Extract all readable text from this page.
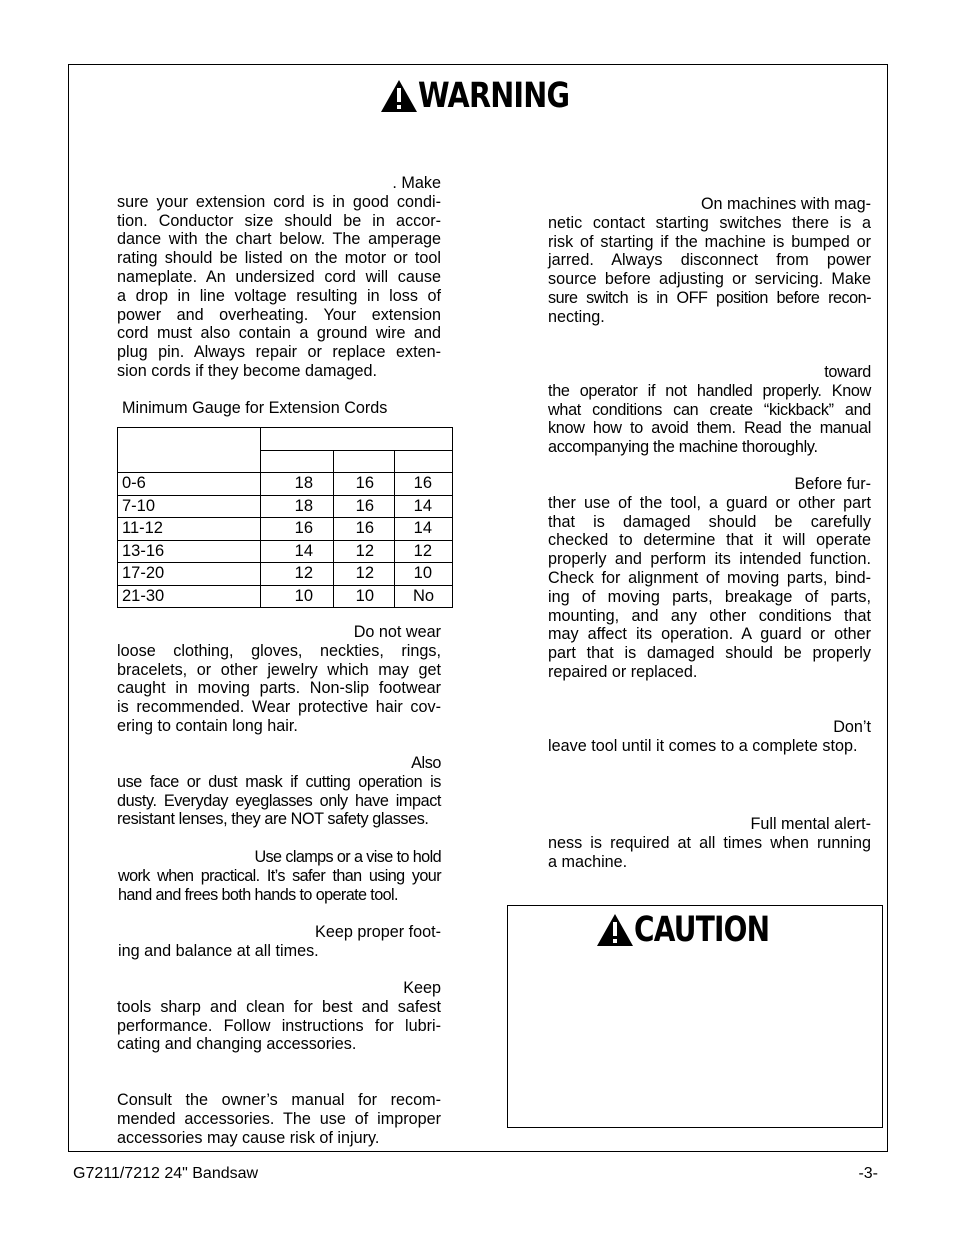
WARNING
. Make
sure your extension cord is in good condi-
tion. Conductor size should be in accor-
dance with the chart below. The amperage
rating should be listed on the motor or tool
nameplate. An undersized cord will cause
a drop in line voltage resulting in loss of
power and overheating. Your extension
cord must also contain a ground wire and
plug pin. Always repair or replace exten-
sion cords if they become damaged.
Minimum Gauge for Extension Cords

0-6	18	16	16
7-10	18	16	14
11-12	16	16	14
13-16	14	12	12
17-20	12	12	10
21-30	10	10	No
Do not wear
loose clothing, gloves, neckties, rings,
bracelets, or other jewelry which may get
caught in moving parts. Non-slip footwear
is recommended. Wear protective hair cov-
ering to contain long hair.
Also
use face or dust mask if cutting operation is
dusty. Everyday eyeglasses only have impact
resistant lenses, they are NOT safety glasses.
Use clamps or a vise to hold
work when practical. It’s safer than using your
hand and frees both hands to operate tool.
Keep proper foot-
ing and balance at all times.
Keep
tools sharp and clean for best and safest
performance. Follow instructions for lubri-
cating and changing accessories.
Consult the owner’s manual for recom-
mended accessories. The use of improper
accessories may cause risk of injury.
On machines with mag-
netic contact starting switches there is a
risk of starting if the machine is bumped or
jarred. Always disconnect from power
source before adjusting or servicing. Make
sure switch is in OFF position before recon-
necting.
toward
the operator if not handled properly. Know
what conditions can create “kickback” and
know how to avoid them. Read the manual
accompanying the machine thoroughly.
Before fur-
ther use of the tool, a guard or other part
that is damaged should be carefully
checked to determine that it will operate
properly and perform its intended function.
Check for alignment of moving parts, bind-
ing of moving parts, breakage of parts,
mounting, and any other conditions that
may affect its operation. A guard or other
part that is damaged should be properly
repaired or replaced.
Don’t
leave tool until it comes to a complete stop.
Full mental alert-
ness is required at all times when running
a machine.
CAUTION
G7211/7212 24" Bandsaw	-3-
